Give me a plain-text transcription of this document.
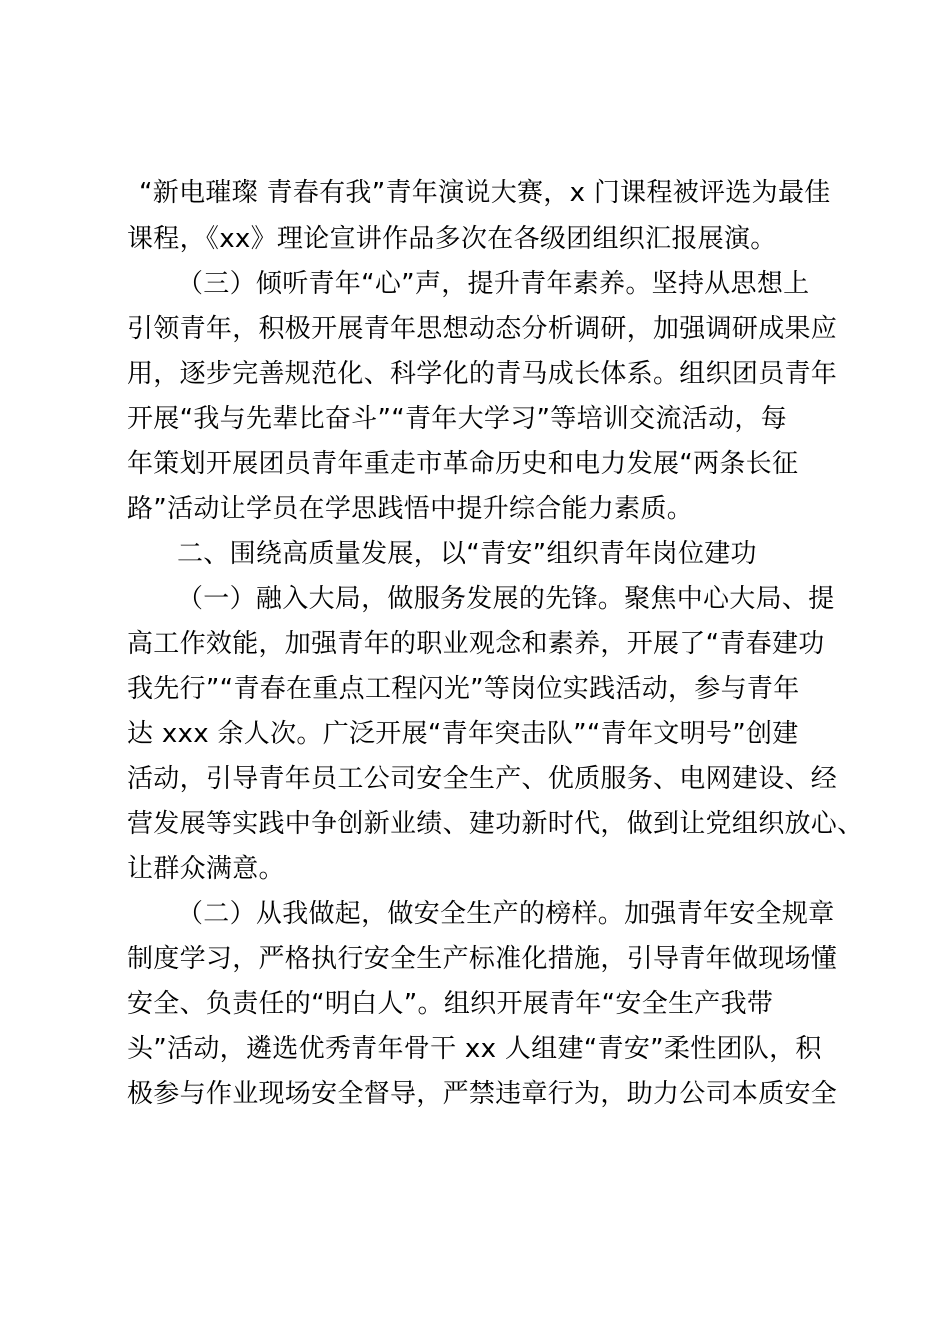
“新电璀璨 青春有我”青年演说大赛，x 门课程被评选为最佳
课程，《xx》理论宣讲作品多次在各级团组织汇报展演。
（三）倾听青年“心”声，提升青年素养。坚持从思想上
引领青年，积极开展青年思想动态分析调研，加强调研成果应
用，逐步完善规范化、科学化的青马成长体系。组织团员青年
开展“我与先辈比奋斗”“青年大学习”等培训交流活动，每
年策划开展团员青年重走市革命历史和电力发展“两条长征
路”活动让学员在学思践悟中提升综合能力素质。
二、围绕高质量发展，以“青安”组织青年岗位建功
（一）融入大局，做服务发展的先锋。聚焦中心大局、提
高工作效能，加强青年的职业观念和素养，开展了“青春建功
我先行”“青春在重点工程闪光”等岗位实践活动，参与青年
达 xxx 余人次。广泛开展“青年突击队”“青年文明号”创建
活动，引导青年员工公司安全生产、优质服务、电网建设、经
营发展等实践中争创新业绩、建功新时代，做到让党组织放心、
让群众满意。
（二）从我做起，做安全生产的榜样。加强青年安全规章
制度学习，严格执行安全生产标准化措施，引导青年做现场懂
安全、负责任的“明白人”。组织开展青年“安全生产我带
头”活动，遴选优秀青年骨干 xx 人组建“青安”柔性团队，积
极参与作业现场安全督导，严禁违章行为，助力公司本质安全
